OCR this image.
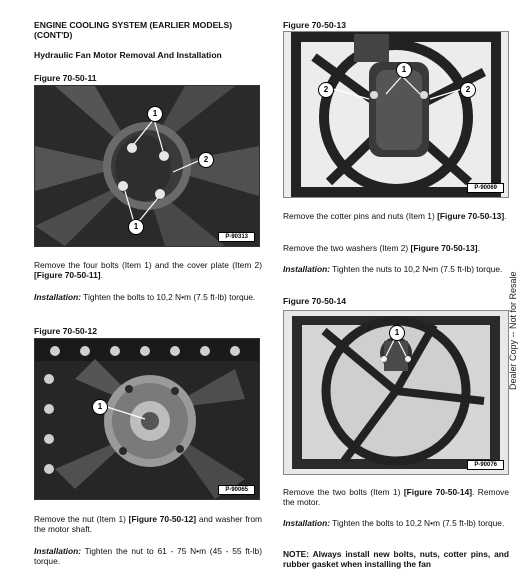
ENGINE COOLING SYSTEM (EARLIER MODELS)
(CONT'D)
Hydraulic Fan Motor Removal And Installation
Figure 70-50-11
1
2
1
P-90313
Remove the four bolts (Item 1) and the cover plate (Item 2) [Figure 70-50-11].
Installation: Tighten the bolts to 10,2 N•m (7.5 ft-lb) torque.
Figure 70-50-12
1
P-90065
Remove the nut (Item 1) [Figure 70-50-12] and washer from the motor shaft.
Installation: Tighten the nut to 61 - 75 N•m (45 - 55 ft-lb) torque.
Figure 70-50-13
1
2	2
P-90069
Remove the cotter pins and nuts (Item 1) [Figure 70-50-13].
Remove the two washers (Item 2) [Figure 70-50-13].
Installation: Tighten the nuts to 10,2 N•m (7.5 ft-lb) torque.
Figure 70-50-14
1
P-90076
Remove the two bolts (Item 1) [Figure 70-50-14]. Remove the motor.
Installation: Tighten the bolts to 10,2 N•m (7.5 ft-lb) torque.
NOTE: Always install new bolts, nuts, cotter pins, and rubber gasket when installing the fan
Dealer Copy -- Not for Resale
